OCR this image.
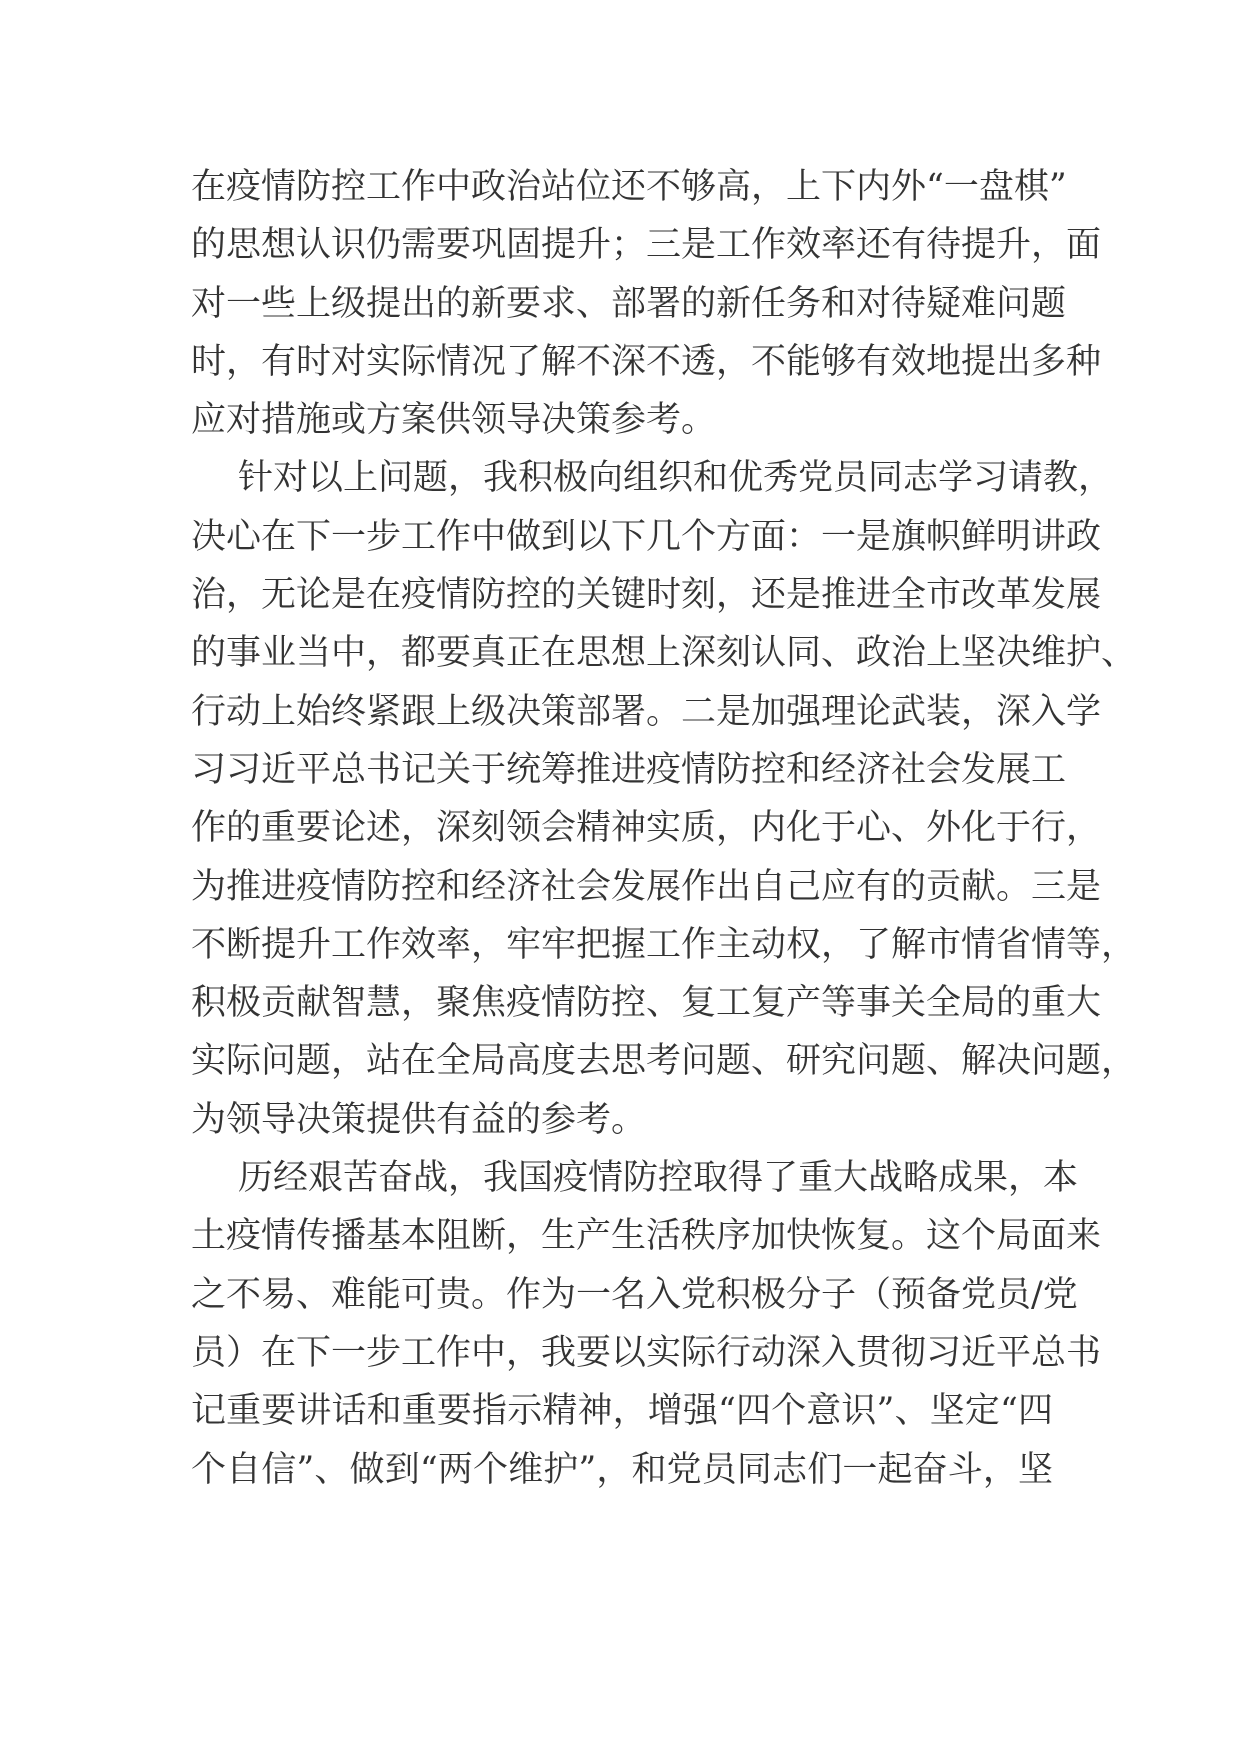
在疫情防控工作中政治站位还不够高，上下内外“一盘棋”
的思想认识仍需要巩固提升；三是工作效率还有待提升，面
对一些上级提出的新要求、部署的新任务和对待疑难问题
时，有时对实际情况了解不深不透，不能够有效地提出多种
应对措施或方案供领导决策参考。
针对以上问题，我积极向组织和优秀党员同志学习请教，
决心在下一步工作中做到以下几个方面：一是旗帜鲜明讲政
治，无论是在疫情防控的关键时刻，还是推进全市改革发展
的事业当中，都要真正在思想上深刻认同、政治上坚决维护、
行动上始终紧跟上级决策部署。二是加强理论武装，深入学
习习近平总书记关于统筹推进疫情防控和经济社会发展工
作的重要论述，深刻领会精神实质，内化于心、外化于行，
为推进疫情防控和经济社会发展作出自己应有的贡献。三是
不断提升工作效率，牢牢把握工作主动权，了解市情省情等，
积极贡献智慧，聚焦疫情防控、复工复产等事关全局的重大
实际问题，站在全局高度去思考问题、研究问题、解决问题，
为领导决策提供有益的参考。
历经艰苦奋战，我国疫情防控取得了重大战略成果，本
土疫情传播基本阻断，生产生活秩序加快恢复。这个局面来
之不易、难能可贵。作为一名入党积极分子（预备党员/党
员）在下一步工作中，我要以实际行动深入贯彻习近平总书
记重要讲话和重要指示精神，增强“四个意识”、坚定“四
个自信”、做到“两个维护”，和党员同志们一起奋斗，坚
